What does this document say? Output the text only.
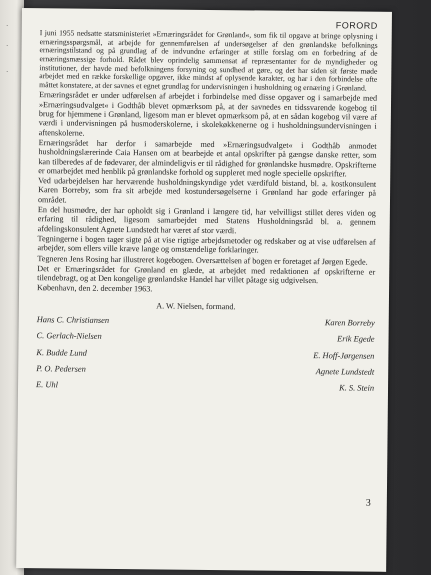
·
·
·
FORORD

I juni 1955 nedsatte statsministeriet »Ernæringsrådet for Grønland«, som fik til opgave at bringe oplysning i ernæringsspørgsmål, at arbejde for gennemførelsen af undersøgelser af den grønlandske befolknings ernæringstilstand og på grundlag af de indvundne erfaringer at stille forslag om en forbedring af de ernæringsmæssige forhold. Rådet blev oprindelig sammensat af repræsentanter for de myndigheder og institutioner, der havde med befolkningens forsyning og sundhed at gøre, og det har siden sit første møde arbejdet med en række forskellige opgaver, ikke mindst af oplysende karakter, og har i den forbindelse ofte måttet konstatere, at der savnes et egnet grundlag for undervisningen i husholdning og ernæring i Grønland.

Ernæringsrådet er under udførelsen af arbejdet i forbindelse med disse opgaver og i samarbejde med »Ernæringsudvalget« i Godthåb blevet opmærksom på, at der savnedes en tidssvarende kogebog til brug for hjemmene i Grønland, ligesom man er blevet opmærksom på, at en sådan kogebog vil være af værdi i undervisningen på husmoderskolerne, i skolekøkkenerne og i husholdningsundervisningen i aftenskolerne.

Ernæringsrådet har derfor i samarbejde med »Ernæringsudvalget« i Godthåb anmodet husholdningslærerinde Caia Hansen om at bearbejde et antal opskrifter på gængse danske retter, som kan tilberedes af de fødevarer, der almindeligvis er til rådighed for grønlandske husmødre. Opskrifterne er omarbejdet med henblik på grønlandske forhold og suppleret med nogle specielle opskrifter.

Ved udarbejdelsen har herværende husholdningskyndige ydet værdifuld bistand, bl. a. kostkonsulent Karen Borreby, som fra sit arbejde med kostundersøgelserne i Grønland har gode erfaringer på området.

En del husmødre, der har opholdt sig i Grønland i længere tid, har velvilligst stillet deres viden og erfaring til rådighed, ligesom samarbejdet med Statens Husholdningsråd bl. a. gennem afdelingskonsulent Agnete Lundstedt har været af stor værdi.

Tegningerne i bogen tager sigte på at vise rigtige arbejdsmetoder og redskaber og at vise udførelsen af arbejder, som ellers ville kræve lange og omstændelige forklaringer.

Tegneren Jens Rosing har illustreret kogebogen. Oversættelsen af bogen er foretaget af Jørgen Egede.

Det er Ernæringsrådet for Grønland en glæde, at arbejdet med redaktionen af opskrifterne er tilendebragt, og at Den kongelige grønlandske Handel har villet påtage sig udgivelsen.

København, den 2. december 1963.

A. W. Nielsen, formand.
Hans C. Christiansen	Karen Borreby
C. Gerlach-Nielsen	Erik Egede
K. Budde Lund	E. Hoff-Jørgensen
P. O. Pedersen	Agnete Lundstedt
E. Uhl	K. S. Stein
3
